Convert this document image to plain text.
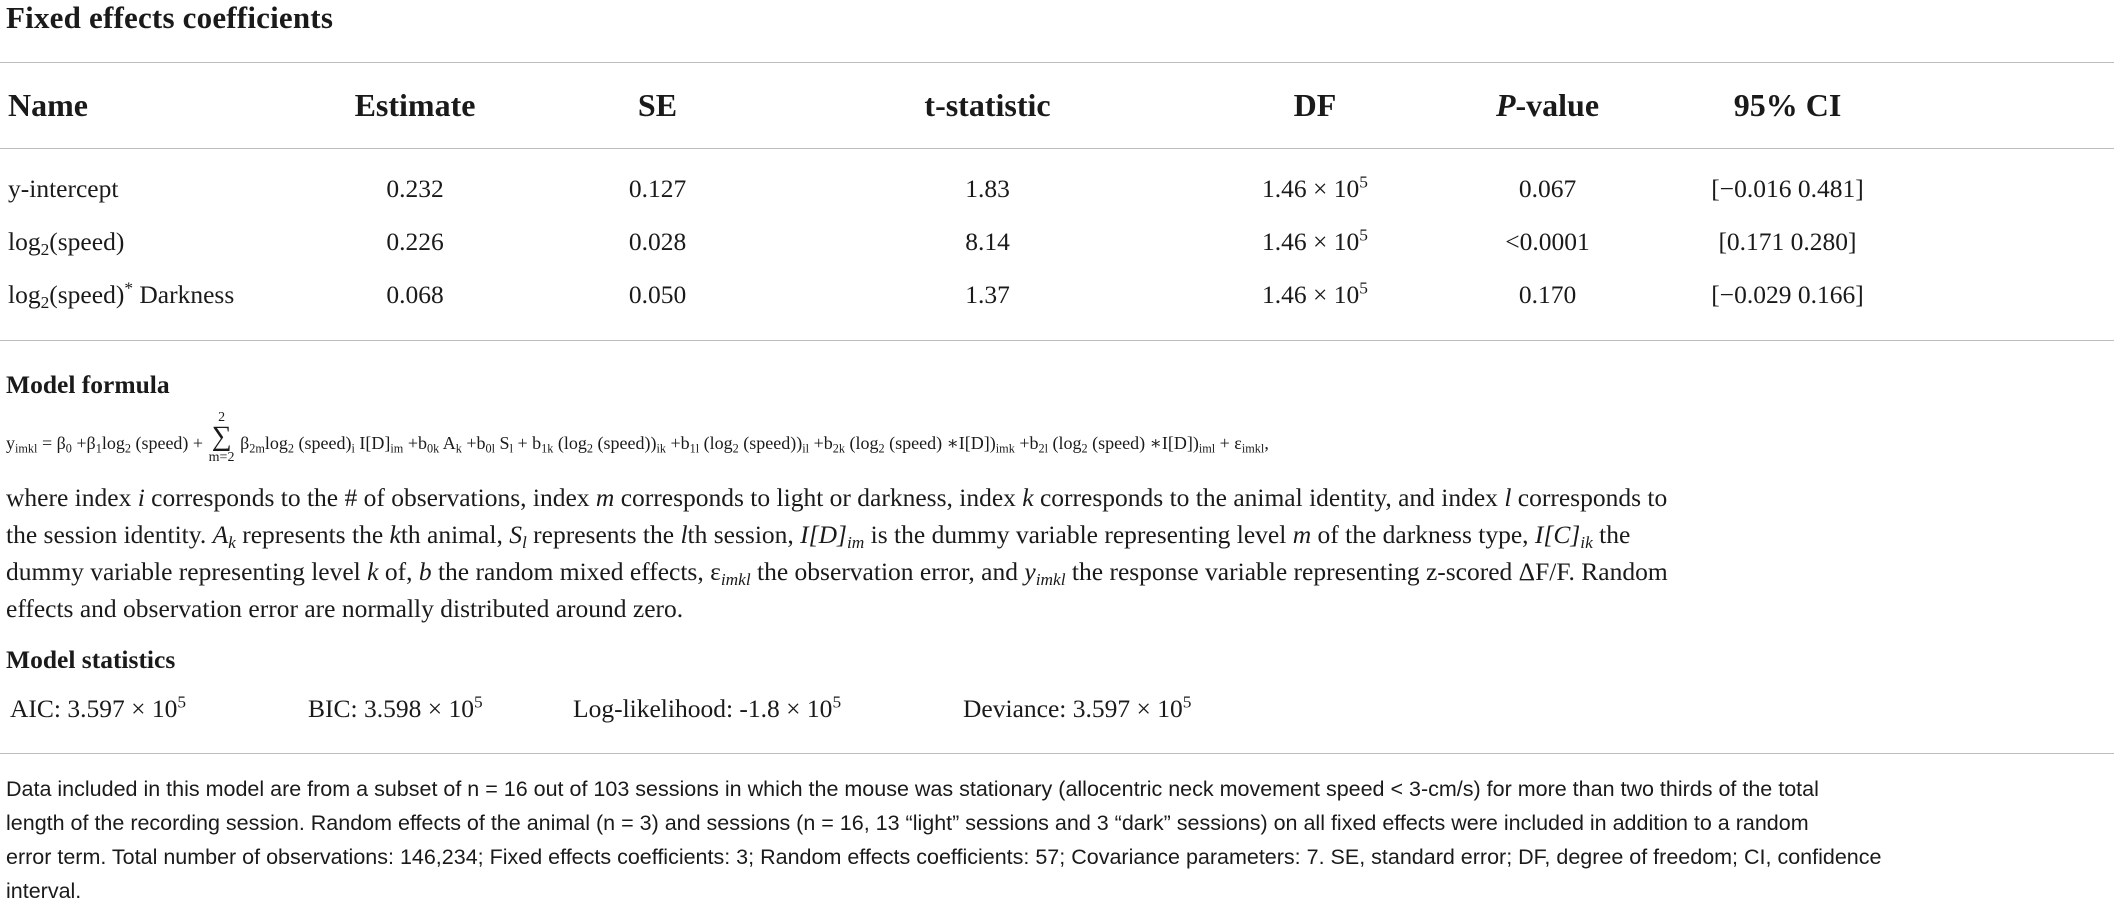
Fixed effects coefficients
Name	Estimate	SE	t-statistic	DF	P-value	95% CI	
y-intercept	0.232	0.127	1.83	$1.46 \times 10^5$	0.067	[−0.016 0.481]	
$\log_2(speed)$	0.226	0.028	8.14	$1.46 \times 10^5$	<0.0001	[0.171 0.280]	
$\log_2(speed)^*$ Darkness	0.068	0.050	1.37	$1.46 \times 10^5$	0.170	[−0.029 0.166]	
Model formula
$y_{imkl} = \beta_0 +\beta_1\log_2$ (speed) +
2
∑
m=2
$\beta_{2m}\log_2$ $(speed)_i$ $I[D]_{im} +b_{0k}$ $A_k +b_{0l}$ $S_l + b_{1k}$ ($\log_2$ $(speed))_{ik} +b_{1l}$ ($\log_2$ $(speed))_{il} +b_{2k}$ ($\log_2$ (speed) $∗I[D])_{imk} +b_{2l}$ ($\log_2$ (speed) $∗I[D])_{iml} + \varepsilon_{imkl}$,
where index i corresponds to the # of observations, index m corresponds to light or darkness, index k corresponds to the animal identity, and index l corresponds to
the session identity. $A_k$ represents the kth animal, $S_l$ represents the lth session, $I[D]_{im}$ is the dummy variable representing level m of the darkness type, $I[C]_{ik}$ the
dummy variable representing level k of, b the random mixed effects, $\varepsilon_{imkl}$ the observation error, and $y_{imkl}$ the response variable representing z-scored ΔF/F. Random
effects and observation error are normally distributed around zero.
Model statistics
AIC: $3.597 \times 10^5$	BIC: $3.598 \times 10^5$	Log-likelihood: $-1.8 \times 10^5$	Deviance: $3.597 \times 10^5$
Data included in this model are from a subset of n = 16 out of 103 sessions in which the mouse was stationary (allocentric neck movement speed < 3-cm/s) for more than two thirds of the total
length of the recording session. Random effects of the animal (n = 3) and sessions (n = 16, 13 “light” sessions and 3 “dark” sessions) on all fixed effects were included in addition to a random
error term. Total number of observations: 146,234; Fixed effects coefficients: 3; Random effects coefficients: 57; Covariance parameters: 7. SE, standard error; DF, degree of freedom; CI, confidence
interval.
